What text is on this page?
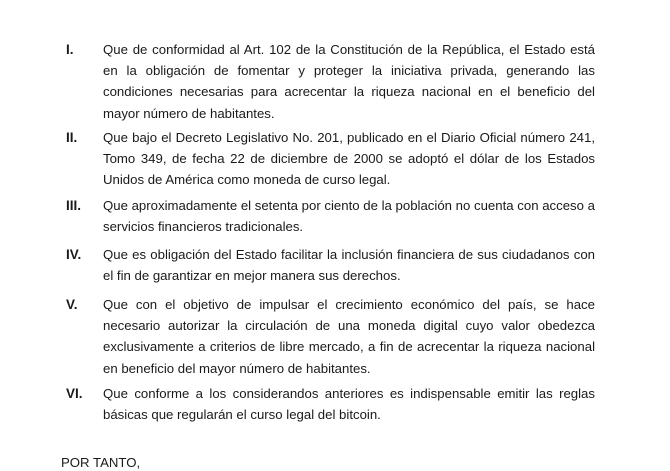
I.	Que de conformidad al Art. 102 de la Constitución de la República, el Estado está en la obligación de fomentar y proteger la iniciativa privada, generando las condiciones necesarias para acrecentar la riqueza nacional en el beneficio del mayor número de habitantes.
II.	Que bajo el Decreto Legislativo No. 201, publicado en el Diario Oficial número 241, Tomo 349, de fecha 22 de diciembre de 2000 se adoptó el dólar de los Estados Unidos de América como moneda de curso legal.
III.	Que aproximadamente el setenta por ciento de la población no cuenta con acceso a servicios financieros tradicionales.
IV.	Que es obligación del Estado facilitar la inclusión financiera de sus ciudadanos con el fin de garantizar en mejor manera sus derechos.
V.	Que con el objetivo de impulsar el crecimiento económico del país, se hace necesario autorizar la circulación de una moneda digital cuyo valor obedezca exclusivamente a criterios de libre mercado, a fin de acrecentar la riqueza nacional en beneficio del mayor número de habitantes.
VI.	Que conforme a los considerandos anteriores es indispensable emitir las reglas básicas que regularán el curso legal del bitcoin.
POR TANTO,
